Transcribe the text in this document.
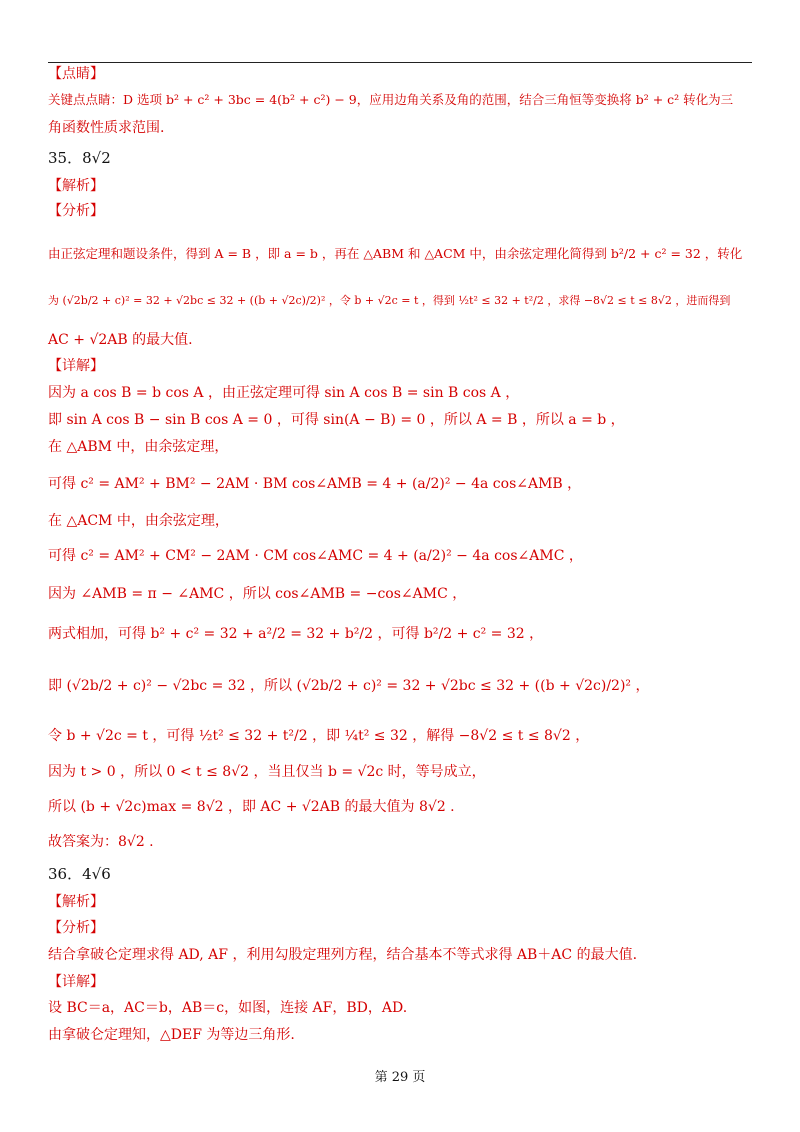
【点睛】
关键点点睛：D 选项 b² + c² + 3bc = 4(b² + c²) − 9，应用边角关系及角的范围，结合三角恒等变换将 b² + c² 转化为三
角函数性质求范围.
35．8√2
【解析】
【分析】
由正弦定理和题设条件，得到 A = B ，即 a = b ，再在 △ABM 和 △ACM 中，由余弦定理化简得到 b²/2 + c² = 32 ，转化
为 (√2b/2 + c)² = 32 + √2bc ≤ 32 + ((b + √2c)/2)² ，令 b + √2c = t ，得到 ½t² ≤ 32 + t²/2 ，求得 −8√2 ≤ t ≤ 8√2 ，进而得到
AC + √2AB 的最大值.
【详解】
因为 a cos B = b cos A ，由正弦定理可得 sin A cos B = sin B cos A ，
即 sin A cos B − sin B cos A = 0 ，可得 sin(A − B) = 0 ，所以 A = B ，所以 a = b ，
在 △ABM 中，由余弦定理，
可得 c² = AM² + BM² − 2AM · BM cos∠AMB = 4 + (a/2)² − 4a cos∠AMB ，
在 △ACM 中，由余弦定理，
可得 c² = AM² + CM² − 2AM · CM cos∠AMC = 4 + (a/2)² − 4a cos∠AMC ，
因为 ∠AMB = π − ∠AMC ，所以 cos∠AMB = −cos∠AMC ，
两式相加，可得 b² + c² = 32 + a²/2 = 32 + b²/2 ，可得 b²/2 + c² = 32 ，
即 (√2b/2 + c)² − √2bc = 32 ，所以 (√2b/2 + c)² = 32 + √2bc ≤ 32 + ((b + √2c)/2)² ，
令 b + √2c = t ，可得 ½t² ≤ 32 + t²/2 ，即 ¼t² ≤ 32 ，解得 −8√2 ≤ t ≤ 8√2 ，
因为 t > 0 ，所以 0 < t ≤ 8√2 ，当且仅当 b = √2c 时，等号成立，
所以 (b + √2c)max = 8√2 ，即 AC + √2AB 的最大值为 8√2 .
故答案为：8√2 .
36．4√6
【解析】
【分析】
结合拿破仑定理求得 AD, AF ，利用勾股定理列方程，结合基本不等式求得 AB＋AC 的最大值.
【详解】
设 BC＝a，AC＝b，AB＝c，如图，连接 AF，BD，AD.
由拿破仑定理知，△DEF 为等边三角形.
第 29 页
